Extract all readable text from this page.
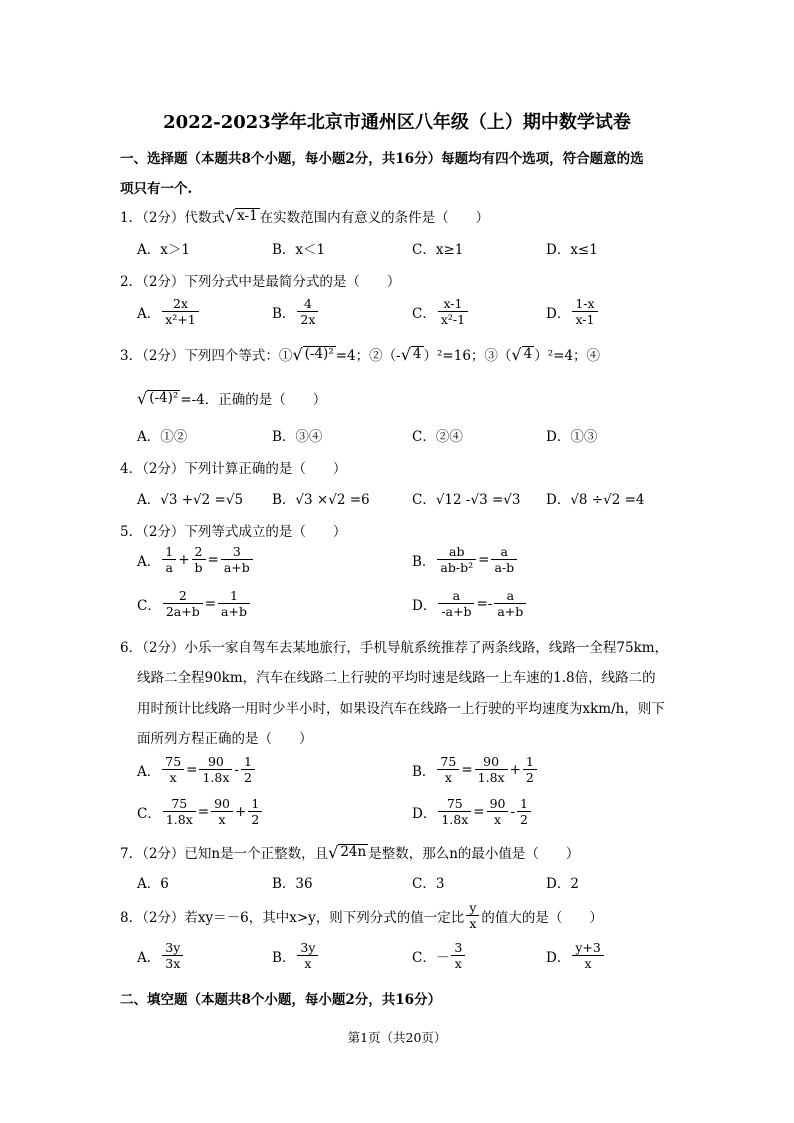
2022-2023学年北京市通州区八年级（上）期中数学试卷
一、选择题（本题共8个小题，每小题2分，共16分）每题均有四个选项，符合题意的选
项只有一个.
1．（2分）代数式 √ x-1 在实数范围内有意义的条件是（　　）
A．x＞1	B．x＜1	C．x≥1	D．x≤1
2．（2分）下列分式中是最简分式的是（　　）
A． $\frac{2x}{\text{x²+1}}$	B． $\frac{4}{2x}$	C． $\frac{x-1}{\text{x²-1}}$	D． $\frac{1-x}{x-1}$
3．（2分）下列四个等式：① √ (-4)² =4；②（- √ 4 ）²=16；③（ √ 4 ）²=4；④
√ (-4)² =-4．正确的是（　　）
A．①②	B．③④	C．②④	D．①③
4．（2分）下列计算正确的是（　　）
A．√3 +√2 =√5 B．√3 ×√2 =6	C．√12 -√3 =√3 D．√8 ÷√2 =4
5．（2分）下列等式成立的是（　　）
A． $\frac{1}{a} + \frac{2}{b} = \frac{3}{a+b}$	B． $\frac{ab}{\text{ab-b²}} = \frac{a}{a-b}$
C． $\frac{2}{2a+b} = \frac{1}{a+b}$	D． $\frac{a}{-a+b} =- \frac{a}{a+b}$
6．（2分）小乐一家自驾车去某地旅行，手机导航系统推荐了两条线路，线路一全程75km，
线路二全程90km，汽车在线路二上行驶的平均时速是线路一上车速的1.8倍，线路二的
用时预计比线路一用时少半小时，如果设汽车在线路一上行驶的平均速度为xkm/h，则下
面所列方程正确的是（　　）
A． $\frac{75}{x} = \frac{90}{1.8x} - \frac{1}{2}$	B． $\frac{75}{x} = \frac{90}{1.8x} + \frac{1}{2}$
C． $\frac{75}{1.8x} = \frac{90}{x} + \frac{1}{2}$	D． $\frac{75}{1.8x} = \frac{90}{x} - \frac{1}{2}$
7．（2分）已知n是一个正整数，且 √ 24n 是整数，那么n的最小值是（　　）
A．6	B．36	C．3	D．2
8．（2分）若xy＝－6，其中x>y，则下列分式的值一定比 $\frac{y}{x}$ 的值大的是（　　）
A． $\frac{3y}{3x}$	B． $\frac{3y}{x}$	C．－ $\frac{3}{x}$	D． $\frac{y+3}{x}$
二、填空题（本题共8个小题，每小题2分，共16分）
第1页（共20页）
